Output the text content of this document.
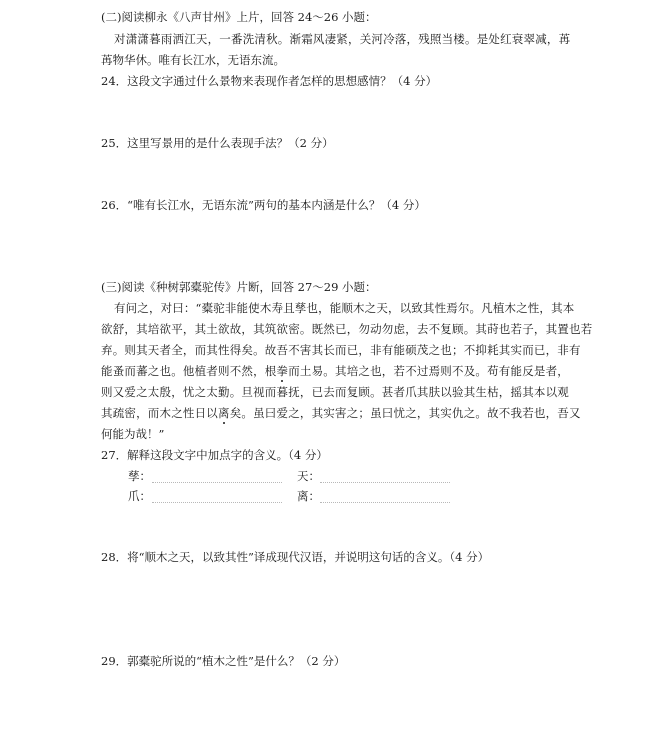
(二)阅读柳永《八声甘州》上片，回答 24～26 小题：
对潇潇暮雨洒江天，一番洗清秋。渐霜风凄紧，关河冷落，残照当楼。是处红衰翠减，苒
苒物华休。唯有长江水，无语东流。
24．这段文字通过什么景物来表现作者怎样的思想感情？（4 分）
25．这里写景用的是什么表现手法？（2 分）
26．“唯有长江水，无语东流”两句的基本内涵是什么？（4 分）
(三)阅读《种树郭橐驼传》片断，回答 27～29 小题：
有问之，对曰：“橐驼非能使木寿且孳也，能顺木之天，以致其性焉尔。凡植木之性，其本
欲舒，其培欲平，其土欲故，其筑欲密。既然已，勿动勿虑，去不复顾。其莳也若子，其置也若
弃。则其天者全，而其性得矣。故吾不害其长而已，非有能硕茂之也；不抑耗其实而已，非有
能蚤而蕃之也。他植者则不然，根拳而土易。其培之也，若不过焉则不及。苟有能反是者，
则又爱之太殷，忧之太勤。旦视而暮抚，已去而复顾。甚者爪其肤以验其生枯，摇其本以观
其疏密，而木之性日以离矣。虽曰爱之，其实害之；虽曰忧之，其实仇之。故不我若也，吾又
何能为哉！”
27．解释这段文字中加点字的含义。（4 分）
孳：	天：
爪：	离：
28．将“顺木之天，以致其性”译成现代汉语，并说明这句话的含义。（4 分）
29．郭橐驼所说的“植木之性”是什么？（2 分）
